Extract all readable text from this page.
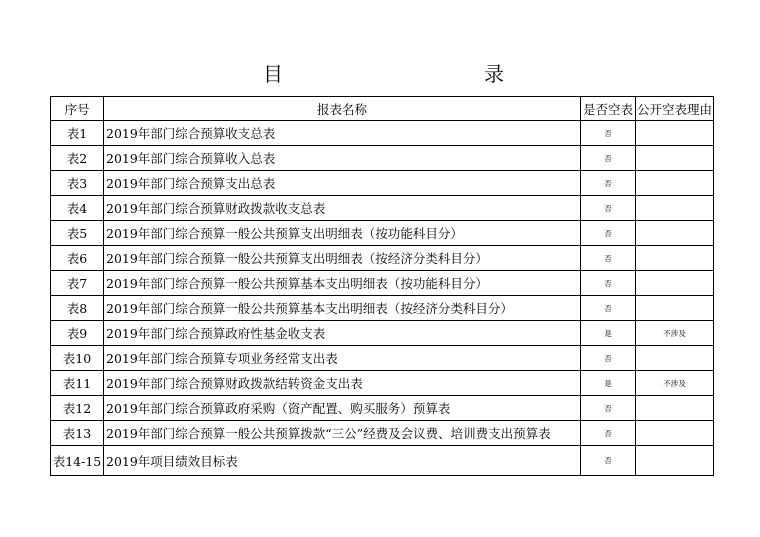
目	录
序号	报表名称	是否空表	公开空表理由
表1	2019年部门综合预算收支总表	否	
表2	2019年部门综合预算收入总表	否	
表3	2019年部门综合预算支出总表	否	
表4	2019年部门综合预算财政拨款收支总表	否	
表5	2019年部门综合预算一般公共预算支出明细表（按功能科目分）	否	
表6	2019年部门综合预算一般公共预算支出明细表（按经济分类科目分）	否	
表7	2019年部门综合预算一般公共预算基本支出明细表（按功能科目分）	否	
表8	2019年部门综合预算一般公共预算基本支出明细表（按经济分类科目分）	否	
表9	2019年部门综合预算政府性基金收支表	是	不涉及
表10	2019年部门综合预算专项业务经常支出表	否	
表11	2019年部门综合预算财政拨款结转资金支出表	是	不涉及
表12	2019年部门综合预算政府采购（资产配置、购买服务）预算表	否	
表13	2019年部门综合预算一般公共预算拨款“三公”经费及会议费、培训费支出预算表	否	
表14-15	2019年项目绩效目标表	否	
